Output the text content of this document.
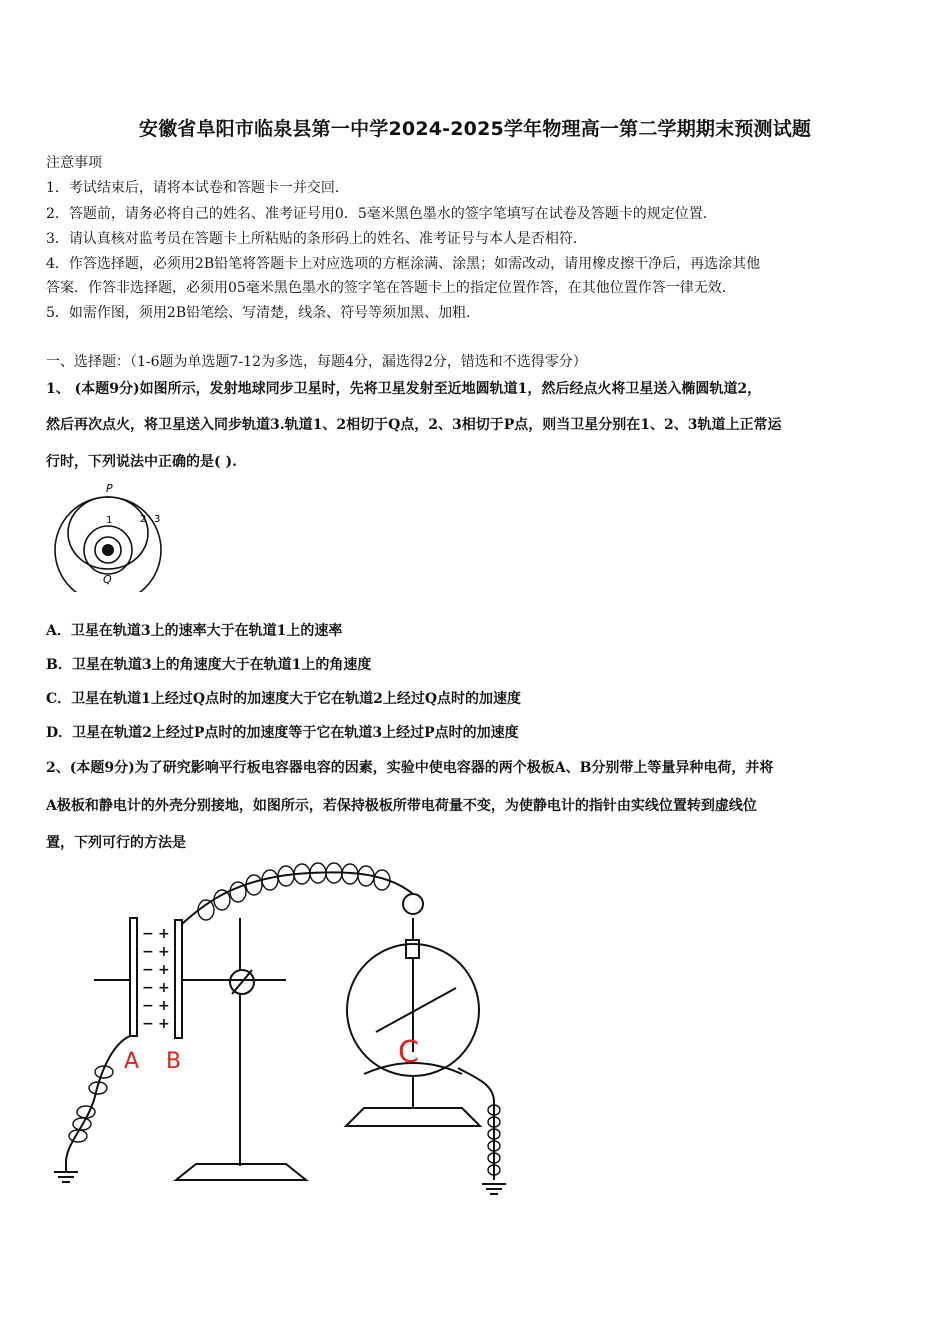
安徽省阜阳市临泉县第一中学2024-2025学年物理高一第二学期期末预测试题
注意事项
1．考试结束后，请将本试卷和答题卡一并交回．
2．答题前，请务必将自己的姓名、准考证号用0．5毫米黑色墨水的签字笔填写在试卷及答题卡的规定位置．
3．请认真核对监考员在答题卡上所粘贴的条形码上的姓名、准考证号与本人是否相符．
4．作答选择题，必须用2B铅笔将答题卡上对应选项的方框涂满、涂黑；如需改动，请用橡皮擦干净后，再选涂其他
答案．作答非选择题，必须用05毫米黑色墨水的签字笔在答题卡上的指定位置作答，在其他位置作答一律无效．
5．如需作图，须用2B铅笔绘、写清楚，线条、符号等须加黑、加粗．
一、选择题：（1-6题为单选题7-12为多选，每题4分，漏选得2分，错选和不选得零分）
1、 (本题9分)如图所示，发射地球同步卫星时，先将卫星发射至近地圆轨道1，然后经点火将卫星送入椭圆轨道2，
然后再次点火，将卫星送入同步轨道3.轨道1、2相切于Q点，2、3相切于P点，则当卫星分别在1、2、3轨道上正常运
行时，下列说法中正确的是( ).
P
Q
1	2 3
A．卫星在轨道3上的速率大于在轨道1上的速率
B．卫星在轨道3上的角速度大于在轨道1上的角速度
C．卫星在轨道1上经过Q点时的加速度大于它在轨道2上经过Q点时的加速度
D．卫星在轨道2上经过P点时的加速度等于它在轨道3上经过P点时的加速度
2、(本题9分)为了研究影响平行板电容器电容的因素，实验中使电容器的两个极板A、B分别带上等量异种电荷，并将
A极板和静电计的外壳分别接地，如图所示，若保持极板所带电荷量不变，为使静电计的指针由实线位置转到虚线位
置，下列可行的方法是
−
−
−
−
−
−
+
+
+
+
+
+
A B	C
